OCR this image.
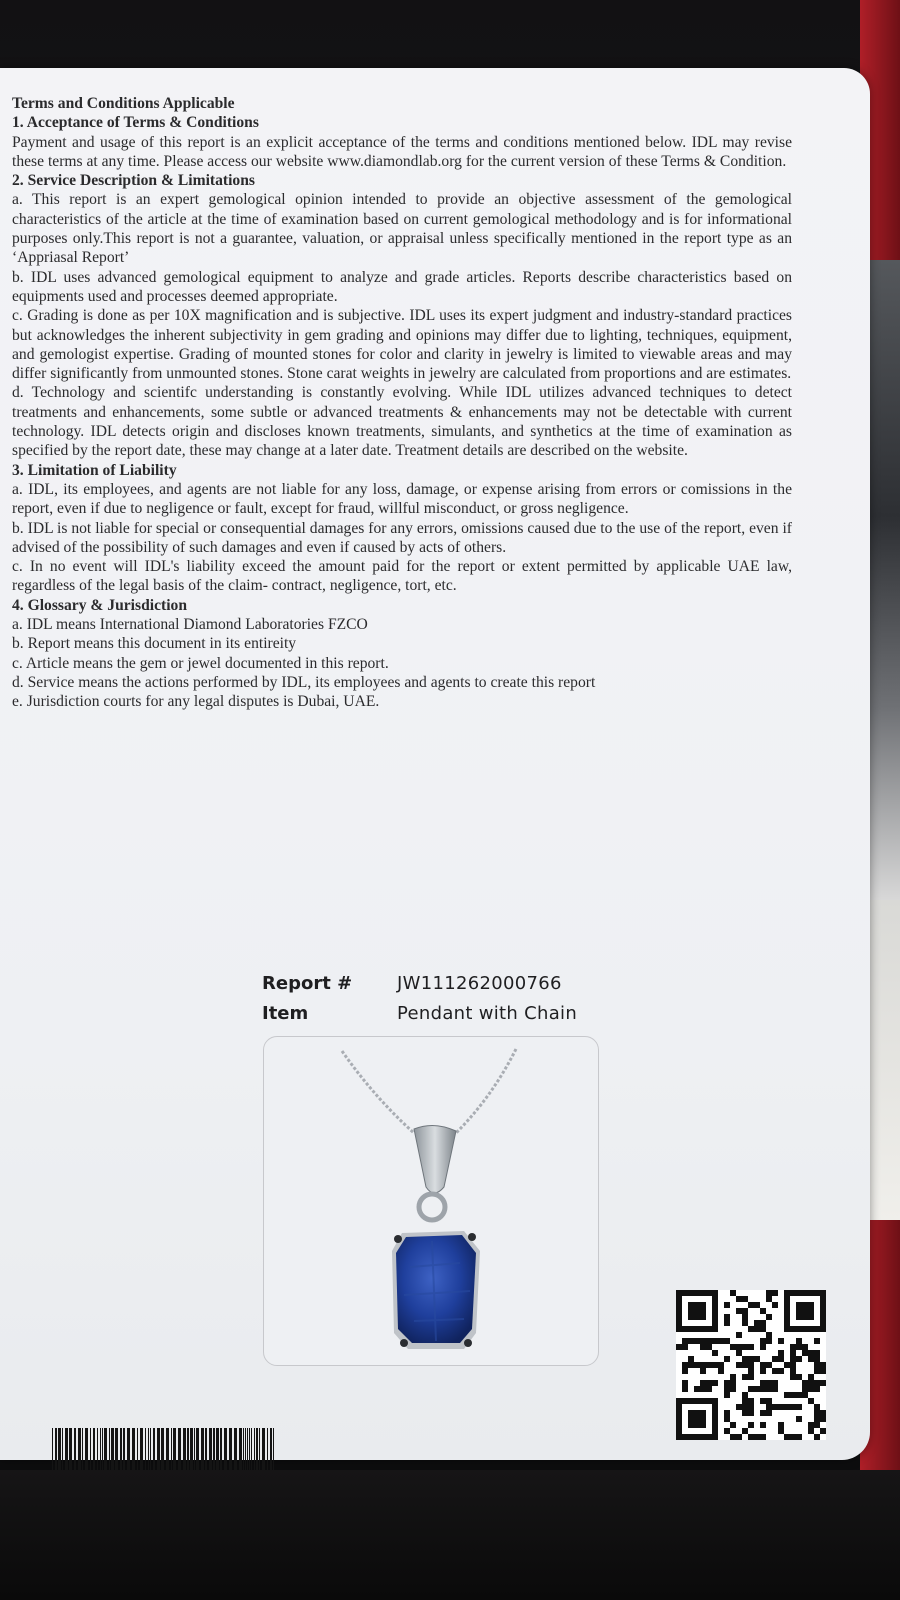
Terms and Conditions Applicable

1. Acceptance of Terms & Conditions

Payment and usage of this report is an explicit acceptance of the terms and conditions mentioned below. IDL may revise these terms at any time. Please access our website www.diamondlab.org for the current version of these Terms & Condition.

2. Service Description & Limitations

a. This report is an expert gemological opinion intended to provide an objective assessment of the gemological characteristics of the article at the time of examination based on current gemological methodology and is for informational purposes only.This report is not a guarantee, valuation, or appraisal unless specifically mentioned in the report type as an ‘Appriasal Report’

b. IDL uses advanced gemological equipment to analyze and grade articles. Reports describe characteristics based on equipments used and processes deemed appropriate.

c. Grading is done as per 10X magnification and is subjective. IDL uses its expert judgment and industry-standard practices but acknowledges the inherent subjectivity in gem grading and opinions may differ due to lighting, techniques, equipment, and gemologist expertise. Grading of mounted stones for color and clarity in jewelry is limited to viewable areas and may differ significantly from unmounted stones. Stone carat weights in jewelry are calculated from proportions and are estimates.

d. Technology and scientifc understanding is constantly evolving. While IDL utilizes advanced techniques to detect treatments and enhancements, some subtle or advanced treatments & enhancements may not be detectable with current technology. IDL detects origin and discloses known treatments, simulants, and synthetics at the time of examination as specified by the report date, these may change at a later date. Treatment details are described on the website.

3. Limitation of Liability

a. IDL, its employees, and agents are not liable for any loss, damage, or expense arising from errors or comissions in the report, even if due to negligence or fault, except for fraud, willful misconduct, or gross negligence.

b. IDL is not liable for special or consequential damages for any errors, omissions caused due to the use of the report, even if advised of the possibility of such damages and even if caused by acts of others.

c. In no event will IDL's liability exceed the amount paid for the report or extent permitted by applicable UAE law, regardless of the legal basis of the claim- contract, negligence, tort, etc.

4. Glossary & Jurisdiction

a. IDL means International Diamond Laboratories FZCO

b. Report means this document in its entireity

c. Article means the gem or jewel documented in this report.

d. Service means the actions performed by IDL, its employees and agents to create this report

e. Jurisdiction courts for any legal disputes is Dubai, UAE.

Report #	JW111262000766
Item	Pendant with Chain
